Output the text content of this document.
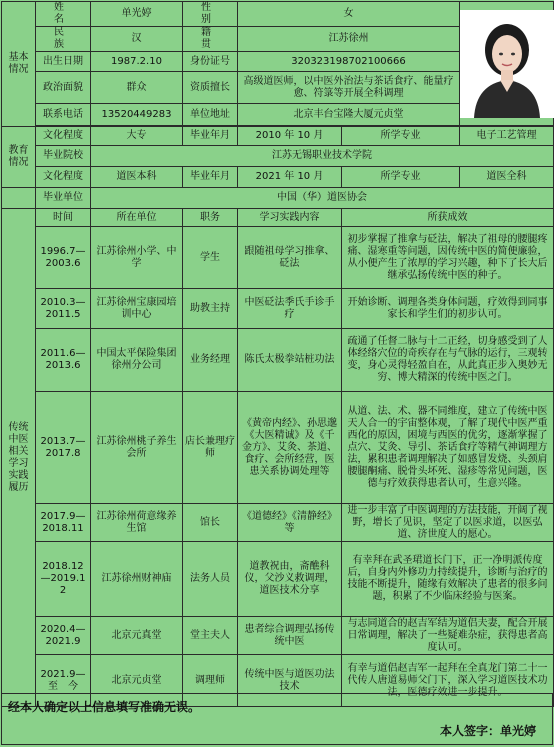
基本情况	姓　　名	单光婷	性　　别	女	

	民　　族	汉	籍　　贯	江苏徐州		
	出生日期	1987.2.10	身份证号	320323198702100666		
	政治面貌	群众	资质擅长	高级道医师，以中医外治法与茶话食疗、能量疗愈、符箓等开展全科调理		
	联系电话	13520449283	单位地址	北京丰台宝隆大厦元贞堂		

教育情况	文化程度	大专	毕业年月	2010 年 10 月	所学专业	电子工艺管理
	毕业院校	江苏无锡职业技术学院				
	文化程度	道医本科	毕业年月	2021 年 10 月	所学专业	道医全科
	毕业单位	中国（华）道医协会				
传统中医相关学习实践履历	时间	所在单位	职务	学习实践内容	所获成效	
	1996.7—2003.6	江苏徐州小学、中学	学生	跟随祖母学习推拿、砭法	初步掌握了推拿与砭法，解决了祖母的腰腿疼痛、湿寒重等问题，因传统中医的简便廉验，从小便产生了浓厚的学习兴趣，种下了长大后继承弘扬传统中医的种子。	
	2010.3—2011.5	江苏徐州宝康园培训中心	助教主持	中医砭法季氏手诊手疗	开始诊断、调理各类身体问题，疗效得到同事家长和学生们的初步认可。	
	2011.6—2013.6	中国太平保险集团徐州分公司	业务经理	陈氏太极拳站桩功法	疏通了任督二脉与十二正经，切身感受到了人体经络穴位的奇疾存在与气脉的运行，三观转变，身心灵得轻盈自在，从此真正步入奥妙无穷、博大精深的传统中医之门。	
	2013.7—2017.8	江苏徐州桃子养生会所	店长兼理疗师	《黄帝内经》、孙思邈《大医精诚》及《千金方》、艾灸、茶道、食疗、会所经营，医患关系协调处理等	从道、法、术、器不同维度，建立了传统中医天人合一的宇宙整体观，了解了现代中医严重西化的原因，困境与西医的优劣，逐渐掌握了点穴、艾灸、导引、茶话食疗等精气神调理方法，累积患者调理解决了如感冒发烧、头颈肩腰腿酮痛、脱骨头坏死、湿疹等常见问题，医德与疗效获得患者认可，生意兴隆。	
	2017.9—2018.11	江苏徐州荷意缘养生馆	馆长	《道德经》《清静经》等	进一步丰富了中医调理的方法技能，开阔了视野，增长了见识，坚定了以医求道，以医弘道、济世度人的愿心。	
	2018.12—2019.12	江苏徐州财神庙	法务人员	道教祝由，斋醮科仪，父沙义救调理，道医技术分享	有幸拜在武圣珺道长门下，正一净明派传度后，自身内外修功力持续提升，诊断与治疗的技能不断提升，随缘有效解决了患者的很多问题，积累了不少临床经验与医案。	
	2020.4—2021.9	北京元真堂	堂主夫人	患者综合调理弘扬传统中医	与志同道合的赵吉军结为道侣夫妻，配合开展日常调理，解决了一些疑难杂症，获得患者高度认可。	
	2021.9—至　今	北京元贞堂	调理师	传统中医与道医功法技术	有幸与道侣赵吉军一起拜在全真龙门第二十一代传人唐道易师父门下，深入学习道医技术功法，医德疗效进一步提升。	
经本人确定以上信息填写准确无误。
本人签字：单光婷
